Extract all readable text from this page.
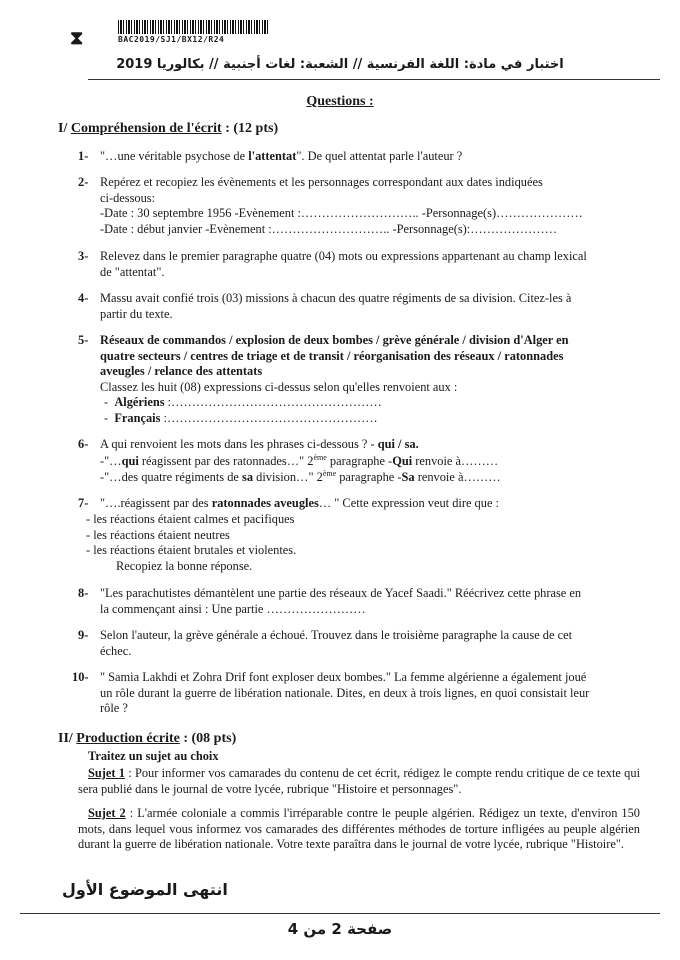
⧗	BAC2019/SJ1/BX12/R24
اختبار في مادة: اللغة الفرنسية // الشعبة: لغات أجنبية // بكالوريا 2019
Questions :
I/ Compréhension de l'écrit : (12 pts)
1- "…une véritable psychose de l'attentat". De quel attentat parle l'auteur ?
2- Repérez et recopiez les évènements et les personnages correspondant aux dates indiquées
ci-dessous:
-Date : 30 septembre 1956 -Evènement :……………………….. -Personnage(s)…………………
-Date : début janvier -Evènement :……………………….. -Personnage(s):…………………
3- Relevez dans le premier paragraphe quatre (04) mots ou expressions appartenant au champ lexical
de "attentat".
4- Massu avait confié trois (03) missions à chacun des quatre régiments de sa division. Citez-les à
partir du texte.
5- Réseaux de commandos / explosion de deux bombes / grève générale / division d'Alger en
quatre secteurs / centres de triage et de transit / réorganisation des réseaux / ratonnades
aveugles / relance des attentats
Classez les huit (08) expressions ci-dessus selon qu'elles renvoient aux :
-  Algériens :……………………………………………
-  Français :……………………………………………
6- A qui renvoient les mots dans les phrases ci-dessous ? - qui / sa.
-"…qui réagissent par des ratonnades…" 2ème paragraphe -Qui renvoie à………
-"…des quatre régiments de sa division…" 2ème paragraphe -Sa renvoie à………
7- "….réagissent par des ratonnades aveugles… " Cette expression veut dire que :
- les réactions étaient calmes et pacifiques
- les réactions étaient neutres
- les réactions étaient brutales et violentes.
Recopiez la bonne réponse.
8- "Les parachutistes démantèlent une partie des réseaux de Yacef Saadi." Réécrivez cette phrase en
la commençant ainsi : Une partie ……………………
9- Selon l'auteur, la grève générale a échoué. Trouvez dans le troisième paragraphe la cause de cet
échec.
10- " Samia Lakhdi et Zohra Drif font exploser deux bombes." La femme algérienne a également joué
un rôle durant la guerre de libération nationale. Dites, en deux à trois lignes, en quoi consistait leur
rôle ?
II/ Production écrite : (08 pts)
Traitez un sujet au choix
Sujet 1 : Pour informer vos camarades du contenu de cet écrit, rédigez le compte rendu critique de ce texte qui sera publié dans le journal de votre lycée, rubrique "Histoire et personnages".
Sujet 2 : L'armée coloniale a commis l'irréparable contre le peuple algérien. Rédigez un texte, d'environ 150 mots, dans lequel vous informez vos camarades des différentes méthodes de torture infligées au peuple algérien durant la guerre de libération nationale. Votre texte paraîtra dans le journal de votre lycée, rubrique "Histoire".
انتهى الموضوع الأول
صفحة 2 من 4
